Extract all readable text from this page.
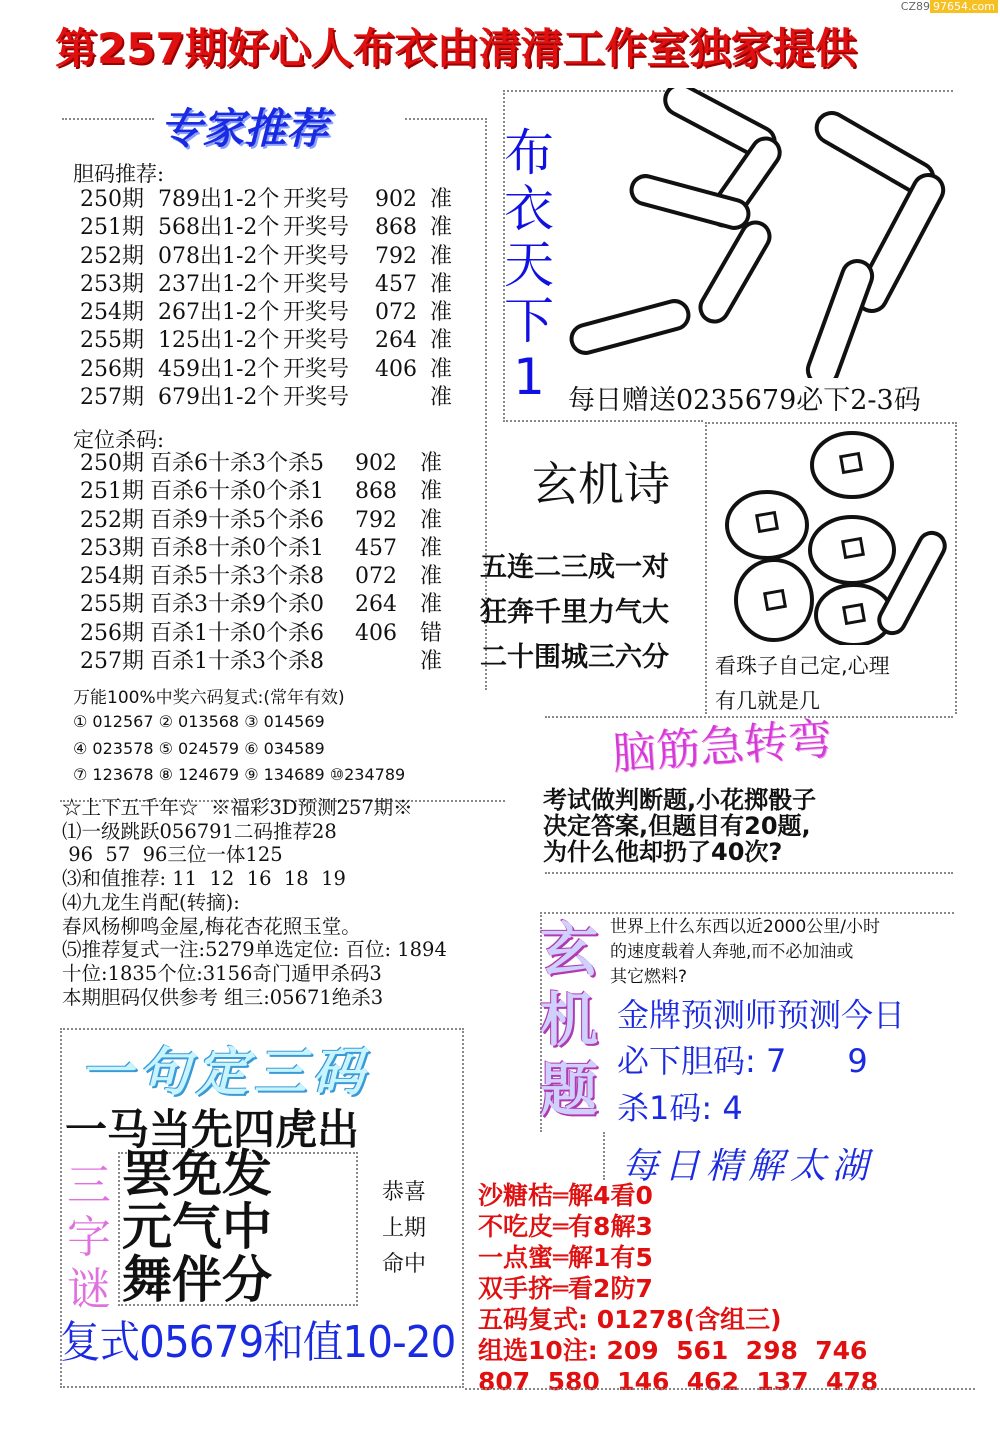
CZ89 97654.com
第257期好心人布衣由清清工作室独家提供
专家推荐
胆码推荐:
250期 789出1-2个 开奖号 902 准
251期 568出1-2个 开奖号 868 准
252期 078出1-2个 开奖号 792 准
253期 237出1-2个 开奖号 457 准
254期 267出1-2个 开奖号 072 准
255期 125出1-2个 开奖号 264 准
256期 459出1-2个 开奖号 406 准
257期 679出1-2个 开奖号	准
定位杀码:
250期 百杀6十杀3个杀5 902 准
251期 百杀6十杀0个杀1 868 准
252期 百杀9十杀5个杀6 792 准
253期 百杀8十杀0个杀1 457 准
254期 百杀5十杀3个杀8 072 准
255期 百杀3十杀9个杀0 264 准
256期 百杀1十杀0个杀6 406 错
257期 百杀1十杀3个杀8	准
万能100%中奖六码复式:(常年有效)
① 012567 ② 013568 ③ 014569
④ 023578 ⑤ 024579 ⑥ 034589
⑦ 123678 ⑧ 124679 ⑨ 134689 ⑩234789
布
衣
天
下
1 每日赠送0235679必下2-3码
玄机诗
五连二三成一对
狂奔千里力气大
二十围城三六分 看珠子自己定,心理
有几就是几
脑筋急转弯
考试做判断题,小花掷骰子
决定答案,但题目有20题,
为什么他却扔了40次?
☆上下五千年☆  ※福彩3D预测257期※
⑴一级跳跃056791二码推荐28
96  57  96三位一体125
⑶和值推荐: 11  12  16  18  19
⑷九龙生肖配(转摘):
春风杨柳鸣金屋,梅花杏花照玉堂。
⑸推荐复式一注:5279单选定位: 百位: 1894
十位:1835个位:3156奇门遁甲杀码3
本期胆码仅供参考 组三:05671绝杀3
玄
机
题
世界上什么东西以近2000公里/小时
的速度载着人奔驰,而不必加油或
其它燃料?
金牌预测师预测今日
必下胆码: 7      9
杀1码: 4
一句定三码
一马当先四虎出
三
字
谜
罢免发
元气中
舞伴分
恭喜
上期
命中
复式05679和值10-20
每日精解太湖
沙糖桔═解4看0
不吃皮═有8解3
一点蜜═解1有5
双手挤═看2防7
五码复式: 01278(含组三)
组选10注: 209  561  298  746
807  580  146  462  137  478
